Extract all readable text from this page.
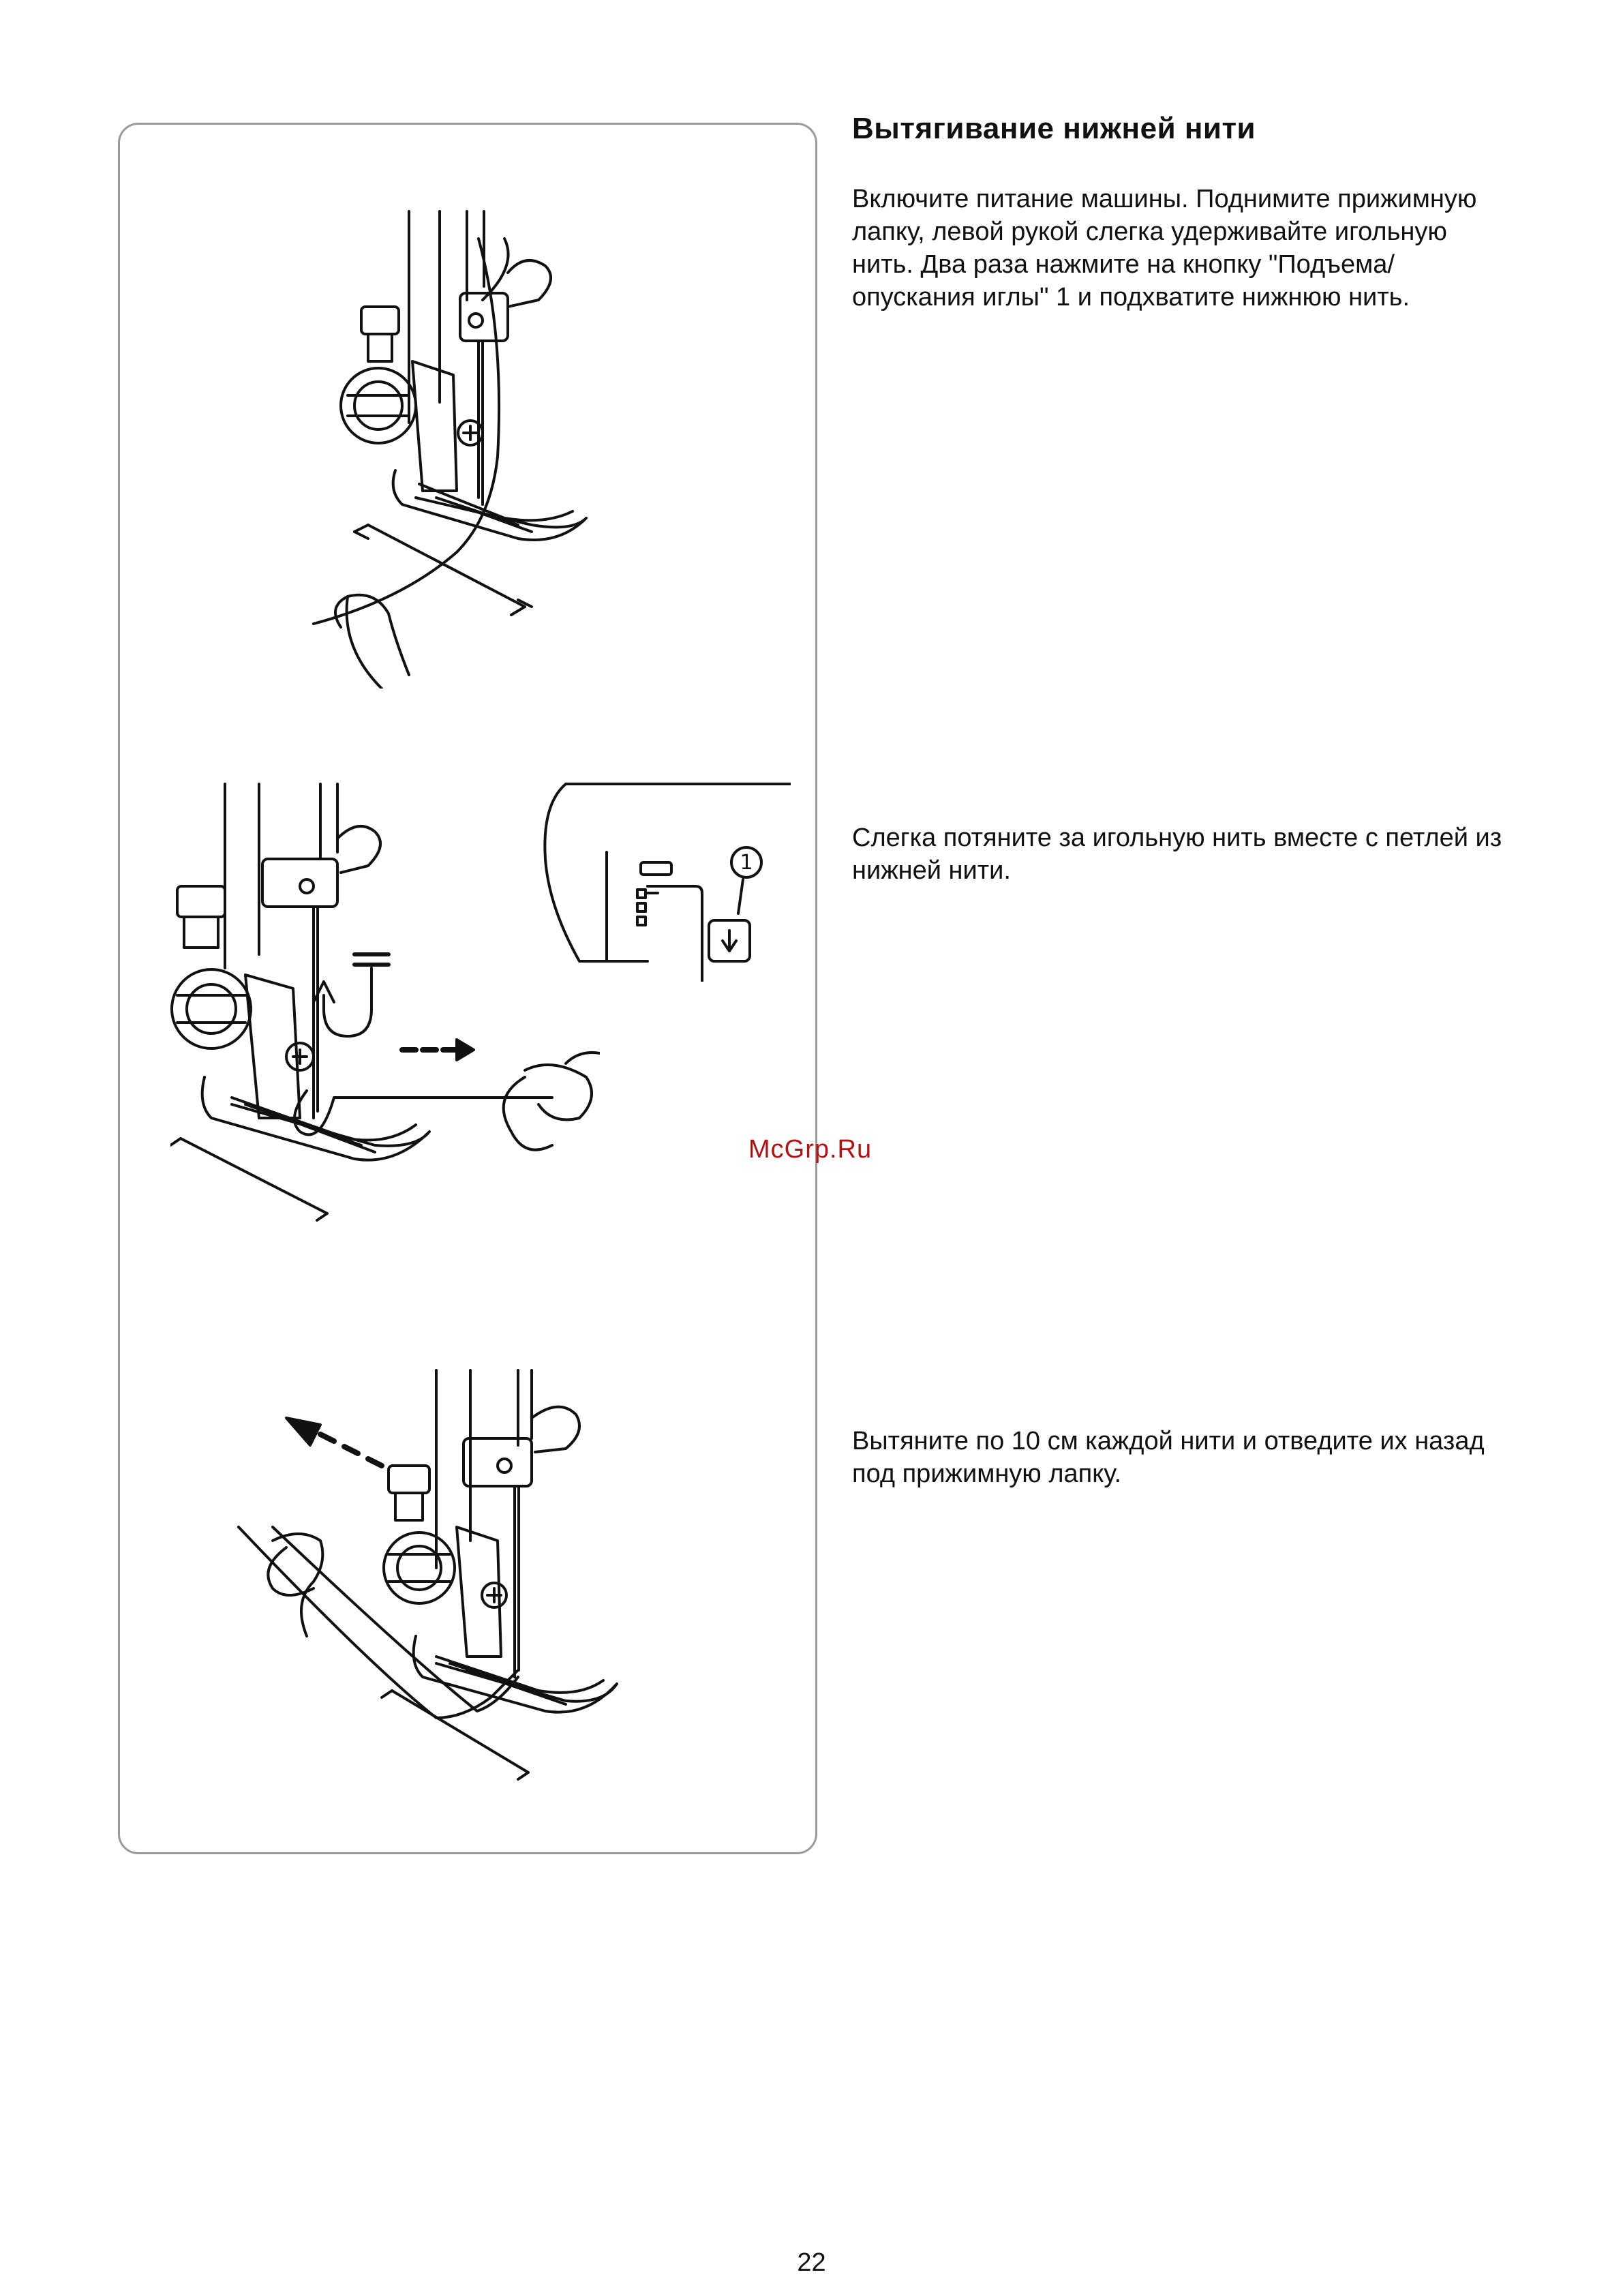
1
Вытягивание нижней нити

Включите питание машины. Поднимите прижимную лапку, левой рукой слегка удерживайте игольную нить. Два раза нажмите на кнопку "Подъема/опускания иглы" 1 и подхватите нижнюю нить.

Слегка потяните за игольную нить вместе с петлей из нижней нити.

Вытяните по 10 см каждой нити и отведите их назад под прижимную лапку.

McGrp.Ru
22
